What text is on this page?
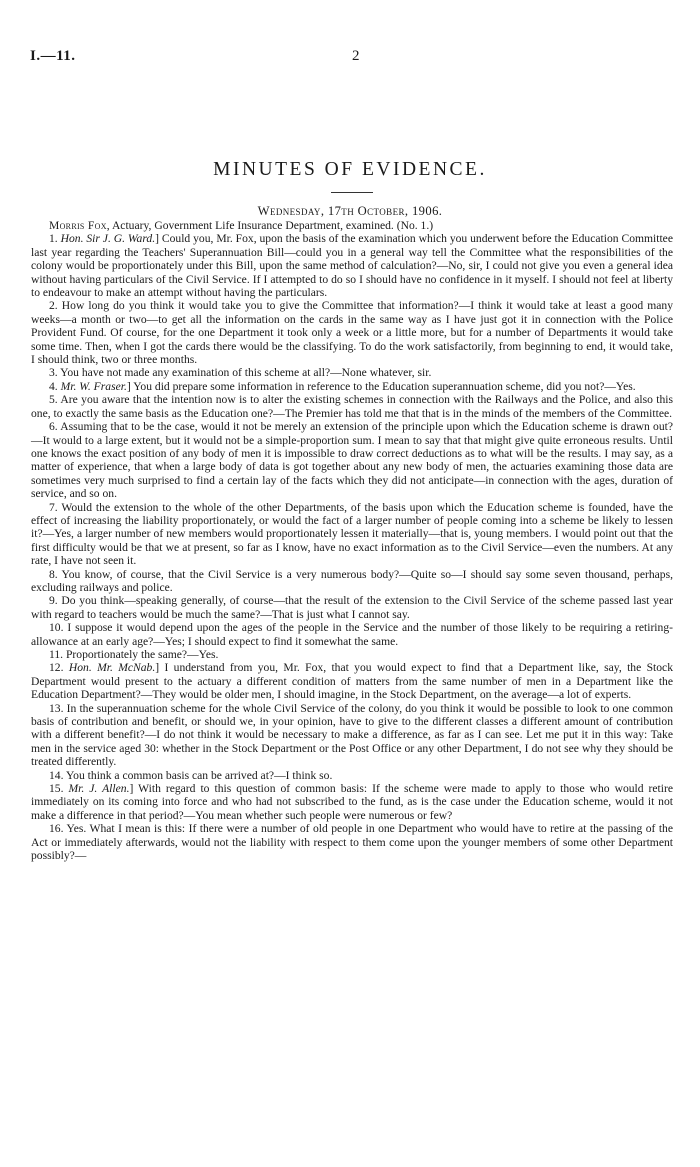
I.—11.	2
MINUTES OF EVIDENCE.
Wednesday, 17th October, 1906.

Morris Fox, Actuary, Government Life Insurance Department, examined. (No. 1.)

1. Hon. Sir J. G. Ward.] Could you, Mr. Fox, upon the basis of the examination which you underwent before the Education Committee last year regarding the Teachers' Superannuation Bill—could you in a general way tell the Committee what the responsibilities of the colony would be proportionately under this Bill, upon the same method of calculation?—No, sir, I could not give you even a general idea without having particulars of the Civil Service. If I attempted to do so I should have no confidence in it myself. I should not feel at liberty to endeavour to make an attempt without having the particulars.

2. How long do you think it would take you to give the Committee that information?—I think it would take at least a good many weeks—a month or two—to get all the information on the cards in the same way as I have just got it in connection with the Police Provident Fund. Of course, for the one Department it took only a week or a little more, but for a number of Departments it would take some time. Then, when I got the cards there would be the classifying. To do the work satisfactorily, from beginning to end, it would take, I should think, two or three months.

3. You have not made any examination of this scheme at all?—None whatever, sir.

4. Mr. W. Fraser.] You did prepare some information in reference to the Education superannuation scheme, did you not?—Yes.

5. Are you aware that the intention now is to alter the existing schemes in connection with the Railways and the Police, and also this one, to exactly the same basis as the Education one?—The Premier has told me that that is in the minds of the members of the Committee.

6. Assuming that to be the case, would it not be merely an extension of the principle upon which the Education scheme is drawn out?—It would to a large extent, but it would not be a simple-proportion sum. I mean to say that that might give quite erroneous results. Until one knows the exact position of any body of men it is impossible to draw correct deductions as to what will be the results. I may say, as a matter of experience, that when a large body of data is got together about any new body of men, the actuaries examining those data are sometimes very much surprised to find a certain lay of the facts which they did not anticipate—in connection with the ages, duration of service, and so on.

7. Would the extension to the whole of the other Departments, of the basis upon which the Education scheme is founded, have the effect of increasing the liability proportionately, or would the fact of a larger number of people coming into a scheme be likely to lessen it?—Yes, a larger number of new members would proportionately lessen it materially—that is, young members. I would point out that the first difficulty would be that we at present, so far as I know, have no exact information as to the Civil Service—even the numbers. At any rate, I have not seen it.

8. You know, of course, that the Civil Service is a very numerous body?—Quite so—I should say some seven thousand, perhaps, excluding railways and police.

9. Do you think—speaking generally, of course—that the result of the extension to the Civil Service of the scheme passed last year with regard to teachers would be much the same?—That is just what I cannot say.

10. I suppose it would depend upon the ages of the people in the Service and the number of those likely to be requiring a retiring-allowance at an early age?—Yes; I should expect to find it somewhat the same.

11. Proportionately the same?—Yes.

12. Hon. Mr. McNab.] I understand from you, Mr. Fox, that you would expect to find that a Department like, say, the Stock Department would present to the actuary a different condition of matters from the same number of men in a Department like the Education Department?—They would be older men, I should imagine, in the Stock Department, on the average—a lot of experts.

13. In the superannuation scheme for the whole Civil Service of the colony, do you think it would be possible to look to one common basis of contribution and benefit, or should we, in your opinion, have to give to the different classes a different amount of contribution with a different benefit?—I do not think it would be necessary to make a difference, as far as I can see. Let me put it in this way: Take men in the service aged 30: whether in the Stock Department or the Post Office or any other Department, I do not see why they should be treated differently.

14. You think a common basis can be arrived at?—I think so.

15. Mr. J. Allen.] With regard to this question of common basis: If the scheme were made to apply to those who would retire immediately on its coming into force and who had not subscribed to the fund, as is the case under the Education scheme, would it not make a difference in that period?—You mean whether such people were numerous or few?

16. Yes. What I mean is this: If there were a number of old people in one Department who would have to retire at the passing of the Act or immediately afterwards, would not the liability with respect to them come upon the younger members of some other Department possibly?—
